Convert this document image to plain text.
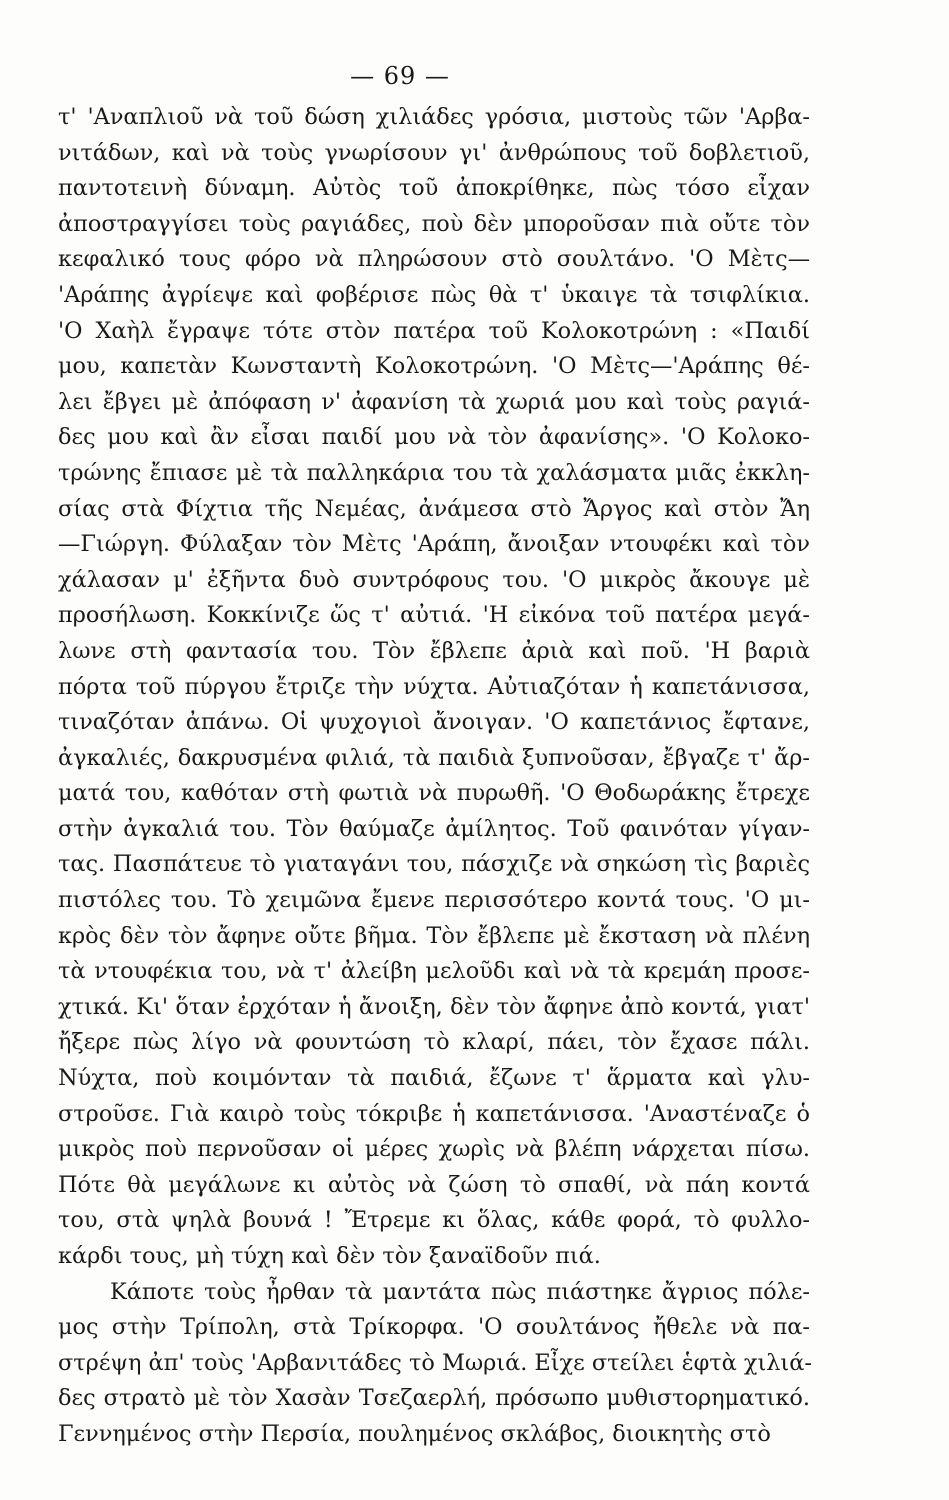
— 69 —
τ' 'Αναπλιοῦ νὰ τοῦ δώση χιλιάδες γρόσια, μιστοὺς τῶν 'Αρβα-
νιτάδων, καὶ νὰ τοὺς γνωρίσουν γι' ἀνθρώπους τοῦ δοβλετιοῦ,
παντοτεινὴ δύναμη. Αὐτὸς τοῦ ἀποκρίθηκε, πὼς τόσο εἶχαν
ἀποστραγγίσει τοὺς ραγιάδες, ποὺ δὲν μποροῦσαν πιὰ οὔτε τὸν
κεφαλικό τους φόρο νὰ πληρώσουν στὸ σουλτάνο. 'Ο Μὲτς—
'Αράπης ἀγρίεψε καὶ φοβέρισε πὼς θὰ τ' ὑκαιγε τὰ τσιφλίκια.
'Ο Χαὴλ ἔγραψε τότε στὸν πατέρα τοῦ Κολοκοτρώνη : «Παιδί
μου, καπετὰν Κωνσταντὴ Κολοκοτρώνη. 'Ο Μὲτς—'Αράπης θέ-
λει ἔβγει μὲ ἀπόφαση ν' ἀφανίση τὰ χωριά μου καὶ τοὺς ραγιά-
δες μου καὶ ἂν εἶσαι παιδί μου νὰ τὸν ἀφανίσης». 'Ο Κολοκο-
τρώνης ἔπιασε μὲ τὰ παλληκάρια του τὰ χαλάσματα μιᾶς ἐκκλη-
σίας στὰ Φίχτια τῆς Νεμέας, ἀνάμεσα στὸ Ἄργος καὶ στὸν Ἄη
—Γιώργη. Φύλαξαν τὸν Μὲτς 'Αράπη, ἄνοιξαν ντουφέκι καὶ τὸν
χάλασαν μ' ἐξῆντα δυὸ συντρόφους του. 'Ο μικρὸς ἄκουγε μὲ
προσήλωση. Κοκκίνιζε ὥς τ' αὐτιά. 'Η εἰκόνα τοῦ πατέρα μεγά-
λωνε στὴ φαντασία του. Τὸν ἔβλεπε ἀριὰ καὶ ποῦ. 'Η βαριὰ
πόρτα τοῦ πύργου ἔτριζε τὴν νύχτα. Αὐτιαζόταν ἡ καπετάνισσα,
τιναζόταν ἀπάνω. Οἱ ψυχογιοὶ ἄνοιγαν. 'Ο καπετάνιος ἔφτανε,
ἀγκαλιές, δακρυσμένα φιλιά, τὰ παιδιὰ ξυπνοῦσαν, ἔβγαζε τ' ἄρ-
ματά του, καθόταν στὴ φωτιὰ νὰ πυρωθῆ. 'Ο Θοδωράκης ἔτρεχε
στὴν ἀγκαλιά του. Τὸν θαύμαζε ἀμίλητος. Τοῦ φαινόταν γίγαν-
τας. Πασπάτευε τὸ γιαταγάνι του, πάσχιζε νὰ σηκώση τὶς βαριὲς
πιστόλες του. Τὸ χειμῶνα ἔμενε περισσότερο κοντά τους. 'Ο μι-
κρὸς δὲν τὸν ἄφηνε οὔτε βῆμα. Τὸν ἔβλεπε μὲ ἔκσταση νὰ πλένη
τὰ ντουφέκια του, νὰ τ' ἀλείβη μελοῦδι καὶ νὰ τὰ κρεμάη προσε-
χτικά. Κι' ὅταν ἐρχόταν ἡ ἄνοιξη, δὲν τὸν ἄφηνε ἀπὸ κοντά, γιατ'
ἤξερε πὼς λίγο νὰ φουντώση τὸ κλαρί, πάει, τὸν ἔχασε πάλι.
Νύχτα, ποὺ κοιμόνταν τὰ παιδιά, ἔζωνε τ' ἅρματα καὶ γλυ-
στροῦσε. Γιὰ καιρὸ τοὺς τόκριβε ἡ καπετάνισσα. 'Αναστέναζε ὁ
μικρὸς ποὺ περνοῦσαν οἱ μέρες χωρὶς νὰ βλέπη νάρχεται πίσω.
Πότε θὰ μεγάλωνε κι αὐτὸς νὰ ζώση τὸ σπαθί, νὰ πάη κοντά
του, στὰ ψηλὰ βουνά ! Ἔτρεμε κι ὅλας, κάθε φορά, τὸ φυλλο-
κάρδι τους, μὴ τύχη καὶ δὲν τὸν ξαναϊδοῦν πιά.
Κάποτε τοὺς ἦρθαν τὰ μαντάτα πὼς πιάστηκε ἄγριος πόλε-
μος στὴν Τρίπολη, στὰ Τρίκορφα. 'Ο σουλτάνος ἤθελε νὰ πα-
στρέψη ἀπ' τοὺς 'Αρβανιτάδες τὸ Μωριά. Εἶχε στείλει ἑφτὰ χιλιά-
δες στρατὸ μὲ τὸν Χασὰν Τσεζαερλή, πρόσωπο μυθιστορηματικό.
Γεννημένος στὴν Περσία, πουλημένος σκλάβος, διοικητὴς στὸ
